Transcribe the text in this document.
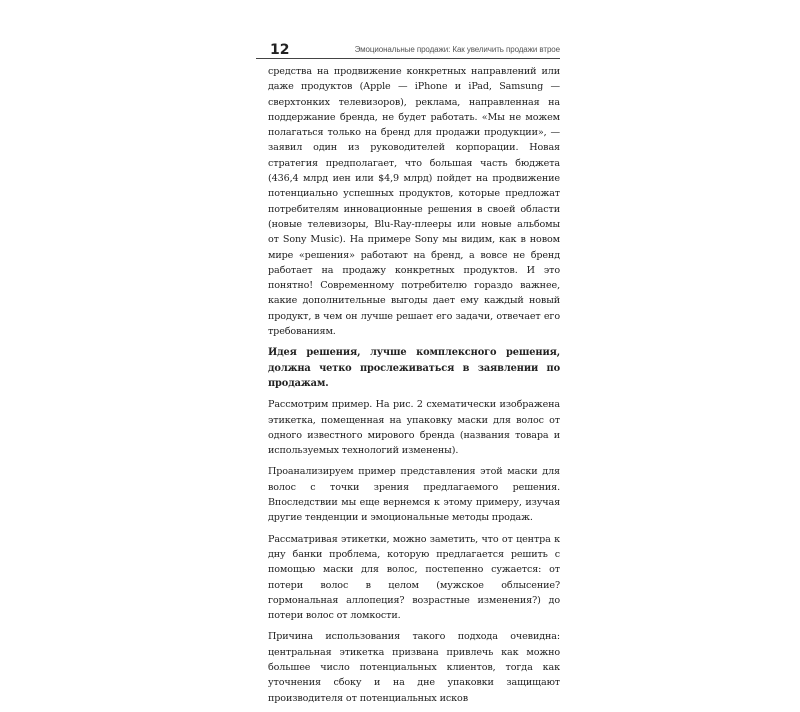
12	Эмоциональные продажи: Как увеличить продажи втрое

средства на продвижение конкретных направлений или даже продуктов (Apple — iPhone и iPad, Samsung — сверхтонких телевизоров), реклама, направленная на поддержание бренда, не будет работать. «Мы не можем полагаться только на бренд для продажи продукции», — заявил один из руководителей корпорации. Новая стратегия предполагает, что большая часть бюджета (436,4 млрд иен или $4,9 млрд) пойдет на продвижение потенциально успешных продуктов, которые предложат потребителям инновационные решения в своей области (новые телевизоры, Blu-Ray-плееры или новые альбомы от Sony Music). На примере Sony мы видим, как в новом мире «решения» работают на бренд, а вовсе не бренд работает на продажу конкретных продуктов. И это понятно! Современному потребителю гораздо важнее, какие дополнительные выгоды дает ему каждый новый продукт, в чем он лучше решает его задачи, отвечает его требованиям.

Идея решения, лучше комплексного решения, должна четко прослеживаться в заявлении по продажам.

Рассмотрим пример. На рис. 2 схематически изображена этикетка, помещенная на упаковку маски для волос от одного известного мирового бренда (названия товара и используемых технологий изменены).

Проанализируем пример представления этой маски для волос с точки зрения предлагаемого решения. Впоследствии мы еще вернемся к этому примеру, изучая другие тенденции и эмоциональные методы продаж.

Рассматривая этикетки, можно заметить, что от центра к дну банки проблема, которую предлагается решить с помощью маски для волос, постепенно сужается: от потери волос в целом (мужское облысение? гормональная аллопеция? возрастные изменения?) до потери волос от ломкости.

Причина использования такого подхода очевидна: центральная этикетка призвана привлечь как можно большее число потенциальных клиентов, тогда как уточнения сбоку и на дне упаковки защищают производителя от потенциальных исков
